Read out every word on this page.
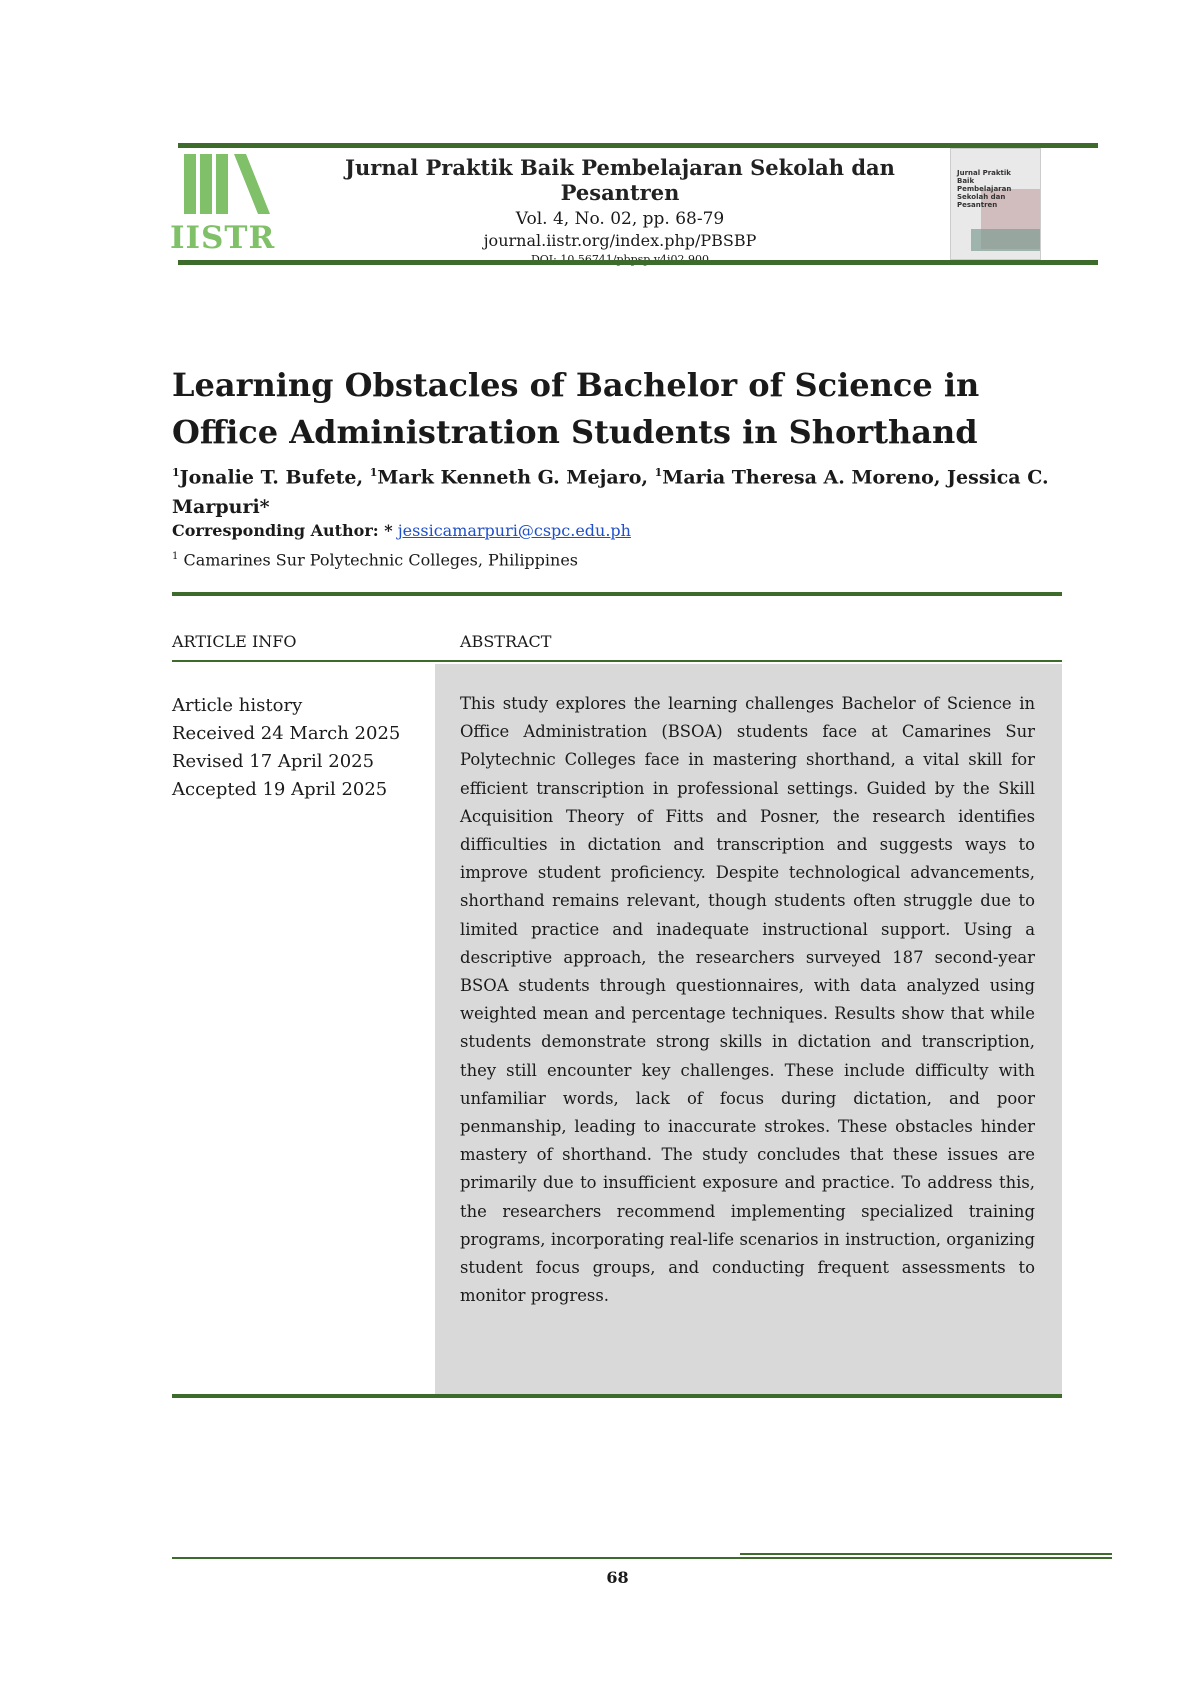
IISTR
Jurnal Praktik Baik Pembelajaran Sekolah dan Pesantren
Vol. 4, No. 02, pp. 68-79
journal.iistr.org/index.php/PBSBP
Jurnal Praktik Baik Pembelajaran Sekolah dan Pesantren
Learning Obstacles of Bachelor of Science in Office Administration Students in Shorthand
$^1$Jonalie T. Bufete, $^1$Mark Kenneth G. Mejaro, $^1$Maria Theresa A. Moreno, Jessica C. Marpuri*
Corresponding Author: * jessicamarpuri@cspc.edu.ph
$^1$ Camarines Sur Polytechnic Colleges, Philippines
ARTICLE INFO	ABSTRACT
Article history
Received 24 March 2025
Revised 17 April 2025
Accepted 19 April 2025
This study explores the learning challenges Bachelor of Science in Office Administration (BSOA) students face at Camarines Sur Polytechnic Colleges face in mastering shorthand, a vital skill for efficient transcription in professional settings. Guided by the Skill Acquisition Theory of Fitts and Posner, the research identifies difficulties in dictation and transcription and suggests ways to improve student proficiency. Despite technological advancements, shorthand remains relevant, though students often struggle due to limited practice and inadequate instructional support. Using a descriptive approach, the researchers surveyed 187 second-year BSOA students through questionnaires, with data analyzed using weighted mean and percentage techniques. Results show that while students demonstrate strong skills in dictation and transcription, they still encounter key challenges. These include difficulty with unfamiliar words, lack of focus during dictation, and poor penmanship, leading to inaccurate strokes. These obstacles hinder mastery of shorthand. The study concludes that these issues are primarily due to insufficient exposure and practice. To address this, the researchers recommend implementing specialized training programs, incorporating real-life scenarios in instruction, organizing student focus groups, and conducting frequent assessments to monitor progress.
68
